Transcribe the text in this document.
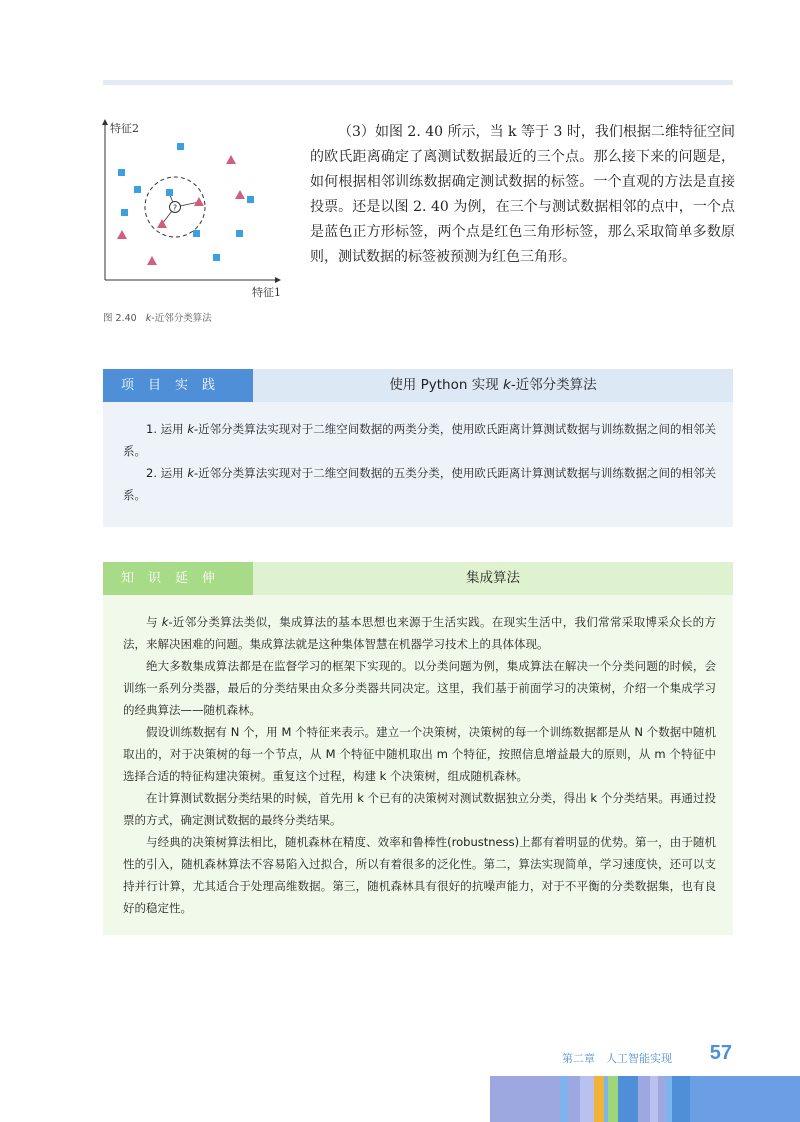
?
特征2
特征1
图 2.40 k-近邻分类算法

（3）如图 2. 40 所示，当 k 等于 3 时，我们根据二维特征空间的欧氏距离确定了离测试数据最近的三个点。那么接下来的问题是，如何根据相邻训练数据确定测试数据的标签。一个直观的方法是直接投票。还是以图 2. 40 为例，在三个与测试数据相邻的点中，一个点是蓝色正方形标签，两个点是红色三角形标签，那么采取简单多数原则，测试数据的标签被预测为红色三角形。

项目实践	使用 Python 实现 k-近邻分类算法

1. 运用 k-近邻分类算法实现对于二维空间数据的两类分类，使用欧氏距离计算测试数据与训练数据之间的相邻关系。

2. 运用 k-近邻分类算法实现对于二维空间数据的五类分类，使用欧氏距离计算测试数据与训练数据之间的相邻关系。

知识延伸	集成算法

与 k-近邻分类算法类似，集成算法的基本思想也来源于生活实践。在现实生活中，我们常常采取博采众长的方法，来解决困难的问题。集成算法就是这种集体智慧在机器学习技术上的具体体现。

绝大多数集成算法都是在监督学习的框架下实现的。以分类问题为例，集成算法在解决一个分类问题的时候，会训练一系列分类器，最后的分类结果由众多分类器共同决定。这里，我们基于前面学习的决策树，介绍一个集成学习的经典算法——随机森林。

假设训练数据有 N 个，用 M 个特征来表示。建立一个决策树，决策树的每一个训练数据都是从 N 个数据中随机取出的，对于决策树的每一个节点，从 M 个特征中随机取出 m 个特征，按照信息增益最大的原则，从 m 个特征中选择合适的特征构建决策树。重复这个过程，构建 k 个决策树，组成随机森林。

在计算测试数据分类结果的时候，首先用 k 个已有的决策树对测试数据独立分类，得出 k 个分类结果。再通过投票的方式，确定测试数据的最终分类结果。

与经典的决策树算法相比，随机森林在精度、效率和鲁棒性(robustness)上都有着明显的优势。第一，由于随机性的引入，随机森林算法不容易陷入过拟合，所以有着很多的泛化性。第二，算法实现简单，学习速度快，还可以支持并行计算，尤其适合于处理高维数据。第三，随机森林具有很好的抗噪声能力，对于不平衡的分类数据集，也有良好的稳定性。

第二章　人工智能实现 57
